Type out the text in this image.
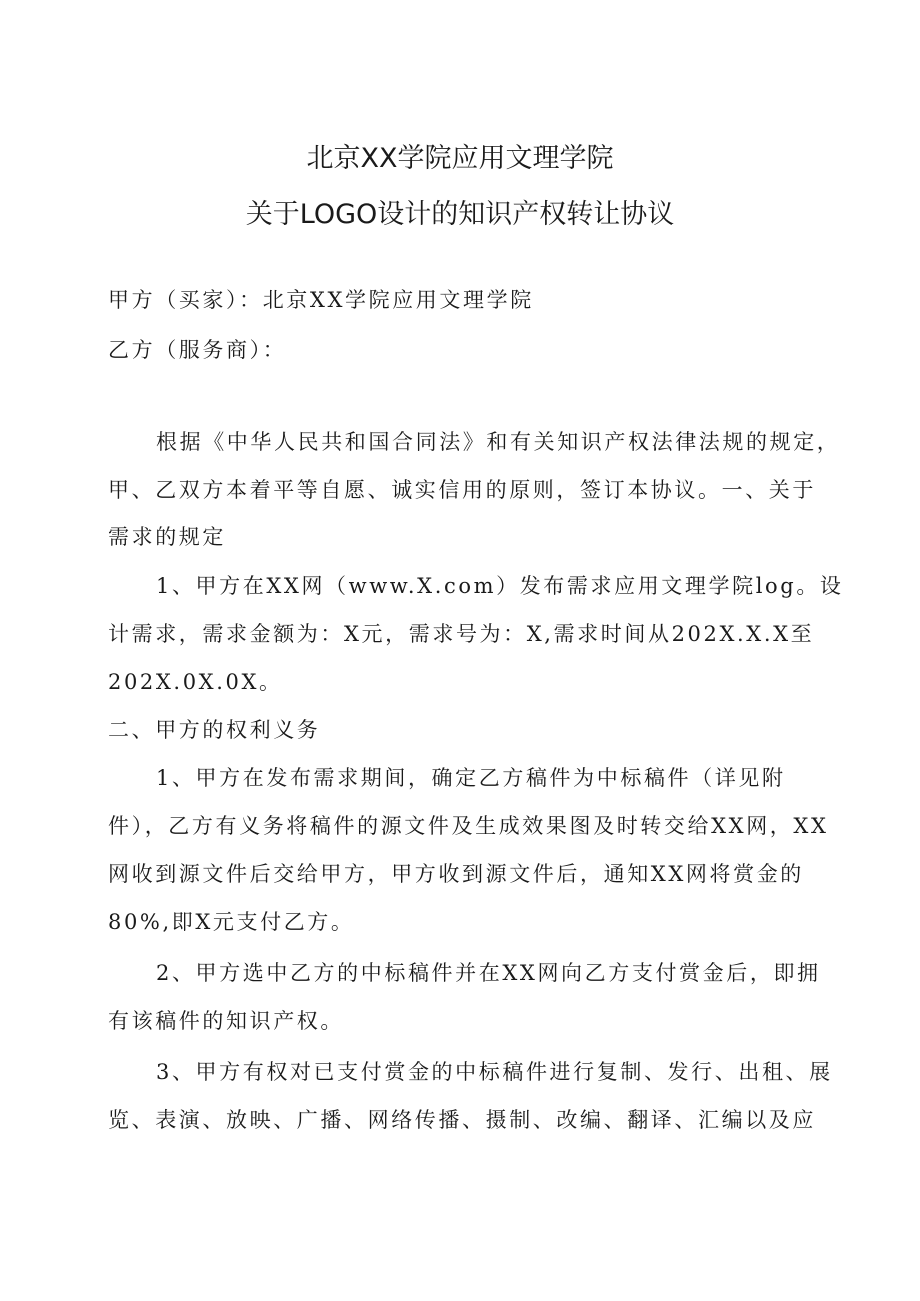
北京XX学院应用文理学院
关于LOGO设计的知识产权转让协议

甲方（买家）：北京XX学院应用文理学院

乙方（服务商）：

根据《中华人民共和国合同法》和有关知识产权法律法规的规定，

甲、乙双方本着平等自愿、诚实信用的原则，签订本协议。一、关于

需求的规定

1、甲方在XX网（www.X.com）发布需求应用文理学院log。设

计需求，需求金额为：X元，需求号为：X,需求时间从202X.X.X至

202X.0X.0X。

二、甲方的权利义务

1、甲方在发布需求期间，确定乙方稿件为中标稿件（详见附

件），乙方有义务将稿件的源文件及生成效果图及时转交给XX网，XX

网收到源文件后交给甲方，甲方收到源文件后，通知XX网将赏金的

80%,即X元支付乙方。

2、甲方选中乙方的中标稿件并在XX网向乙方支付赏金后，即拥

有该稿件的知识产权。

3、甲方有权对已支付赏金的中标稿件进行复制、发行、出租、展

览、表演、放映、广播、网络传播、摄制、改编、翻译、汇编以及应
